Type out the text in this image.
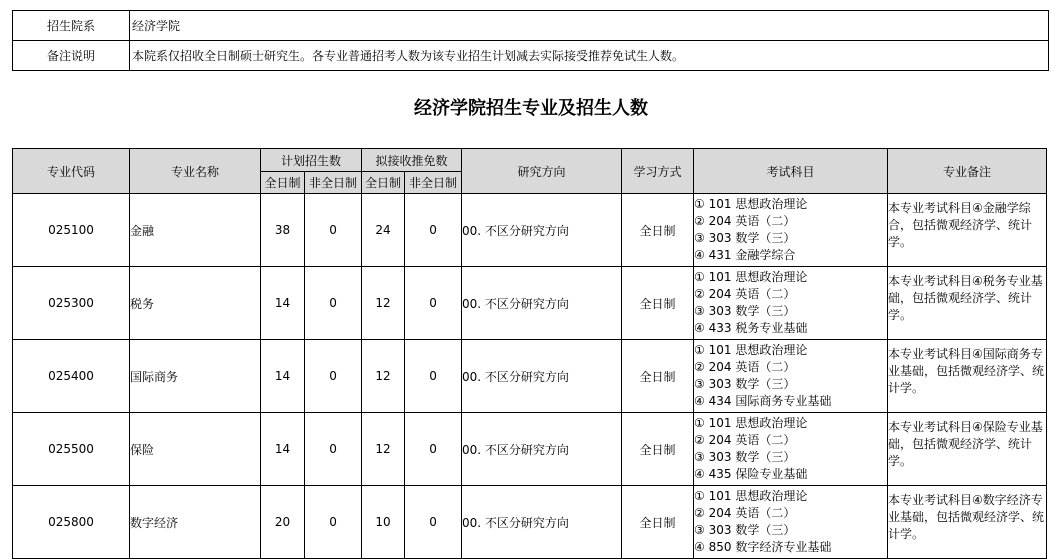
招生院系	经济学院
备注说明	本院系仅招收全日制硕士研究生。各专业普通招考人数为该专业招生计划减去实际接受推荐免试生人数。
经济学院招生专业及招生人数
专业代码	专业名称	计划招生数		拟接收推免数		研究方向	学习方式	考试科目	专业备注
		全日制	非全日制	全日制	非全日制				
025100	金融	38	0	24	0	00. 不区分研究方向	全日制	① 101 思想政治理论
② 204 英语（二）
③ 303 数学（三）
④ 431 金融学综合	本专业考试科目④金融学综合，包括微观经济学、统计学。
025300	税务	14	0	12	0	00. 不区分研究方向	全日制	① 101 思想政治理论
② 204 英语（二）
③ 303 数学（三）
④ 433 税务专业基础	本专业考试科目④税务专业基础，包括微观经济学、统计学。
025400	国际商务	14	0	12	0	00. 不区分研究方向	全日制	① 101 思想政治理论
② 204 英语（二）
③ 303 数学（三）
④ 434 国际商务专业基础	本专业考试科目④国际商务专业基础，包括微观经济学、统计学。
025500	保险	14	0	12	0	00. 不区分研究方向	全日制	① 101 思想政治理论
② 204 英语（二）
③ 303 数学（三）
④ 435 保险专业基础	本专业考试科目④保险专业基础，包括微观经济学、统计学。
025800	数字经济	20	0	10	0	00. 不区分研究方向	全日制	① 101 思想政治理论
② 204 英语（二）
③ 303 数学（三）
④ 850 数字经济专业基础	本专业考试科目④数字经济专业基础，包括微观经济学、统计学。
